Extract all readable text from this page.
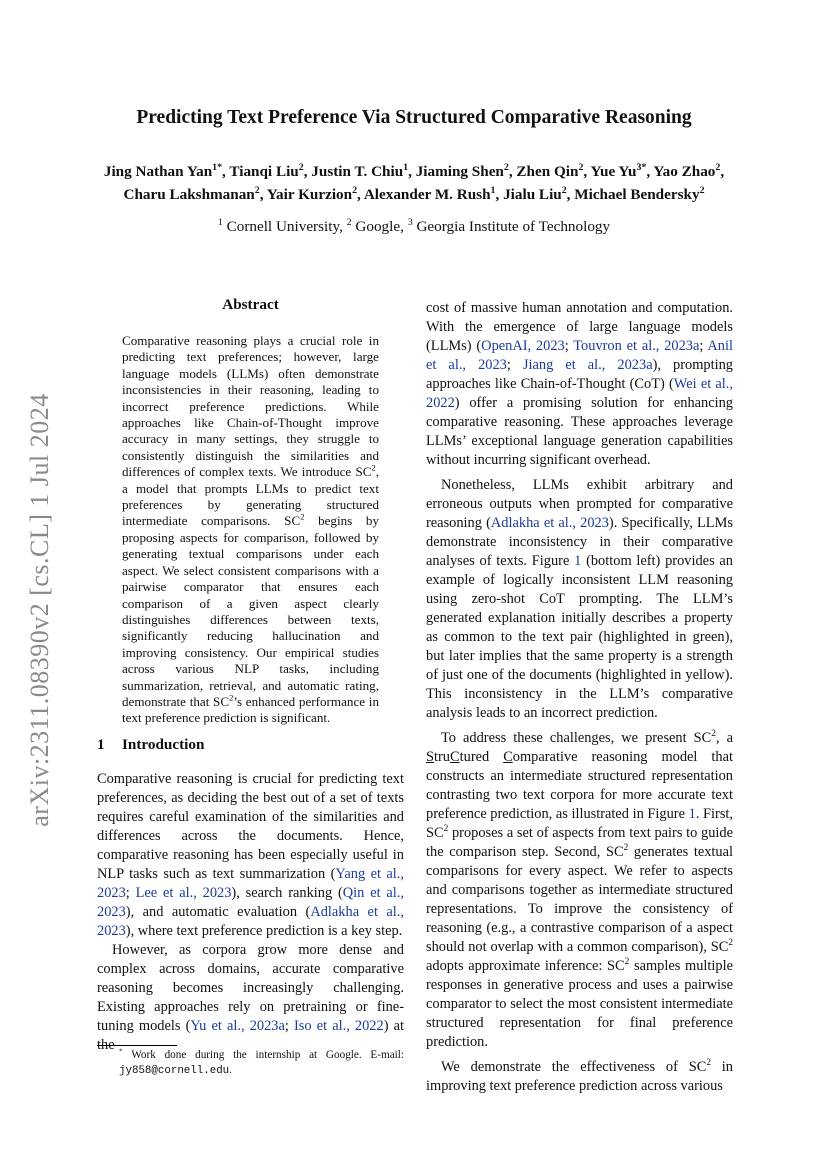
Predicting Text Preference Via Structured Comparative Reasoning
Jing Nathan Yan$^{1*}$, Tianqi Liu$^2$, Justin T. Chiu$^1$, Jiaming Shen$^2$, Zhen Qin$^2$, Yue $Yu^{3*}$, Yao Zhao$^2$,
Charu Lakshmanan$^2$, Yair Kurzion$^2$, Alexander M. Rush$^1$, Jialu Liu$^2$, Michael Bendersky$^2$
$^1$ Cornell University, $^2$ Google, $^3$ Georgia Institute of Technology
arXiv:2311.08390v2 [cs.CL] 1 Jul 2024
Abstract

Comparative reasoning plays a crucial role in predicting text preferences; however, large language models (LLMs) often demonstrate inconsistencies in their reasoning, leading to incorrect preference predictions. While approaches like Chain-of-Thought improve accuracy in many settings, they struggle to consistently distinguish the similarities and differences of complex texts. We introduce $SC^2$, a model that prompts LLMs to predict text preferences by generating structured intermediate comparisons. $SC^2$ begins by proposing aspects for comparison, followed by generating textual comparisons under each aspect. We select consistent comparisons with a pairwise comparator that ensures each comparison of a given aspect clearly distinguishes differences between texts, significantly reducing hallucination and improving consistency. Our empirical studies across various NLP tasks, including summarization, retrieval, and automatic rating, demonstrate that $SC^2’s$ enhanced performance in text preference prediction is significant.

1 Introduction

Comparative reasoning is crucial for predicting text preferences, as deciding the best out of a set of texts requires careful examination of the similarities and differences across the documents. Hence, comparative reasoning has been especially useful in NLP tasks such as text summarization (Yang et al., 2023; Lee et al., 2023), search ranking (Qin et al., 2023), and automatic evaluation (Adlakha et al., 2023), where text preference prediction is a key step.

However, as corpora grow more dense and complex across domains, accurate comparative reasoning becomes increasingly challenging. Existing approaches rely on pretraining or fine-tuning models (Yu et al., 2023a; Iso et al., 2022) at the

cost of massive human annotation and computation. With the emergence of large language models (LLMs) (OpenAI, 2023; Touvron et al., 2023a; Anil et al., 2023; Jiang et al., 2023a), prompting approaches like Chain-of-Thought (CoT) (Wei et al., 2022) offer a promising solution for enhancing comparative reasoning. These approaches leverage LLMs’ exceptional language generation capabilities without incurring significant overhead.

Nonetheless, LLMs exhibit arbitrary and erroneous outputs when prompted for comparative reasoning (Adlakha et al., 2023). Specifically, LLMs demonstrate inconsistency in their comparative analyses of texts. Figure 1 (bottom left) provides an example of logically inconsistent LLM reasoning using zero-shot CoT prompting. The LLM’s generated explanation initially describes a property as common to the text pair (highlighted in green), but later implies that the same property is a strength of just one of the documents (highlighted in yellow). This inconsistency in the LLM’s comparative analysis leads to an incorrect prediction.

To address these challenges, we present $SC^2$, a StruCtured Comparative reasoning model that constructs an intermediate structured representation contrasting two text corpora for more accurate text preference prediction, as illustrated in Figure 1. First, $SC^2$ proposes a set of aspects from text pairs to guide the comparison step. Second, $SC^2$ generates textual comparisons for every aspect. We refer to aspects and comparisons together as intermediate structured representations. To improve the consistency of reasoning (e.g., a contrastive comparison of a aspect should not overlap with a common comparison), $SC^2$ adopts approximate inference: $SC^2$ samples multiple responses in generative process and uses a pairwise comparator to select the most consistent intermediate structured representation for final preference prediction.

We demonstrate the effectiveness of $SC^2$ in improving text preference prediction across various

* Work done during the internship at Google. E-mail: jy858@cornell.edu.
